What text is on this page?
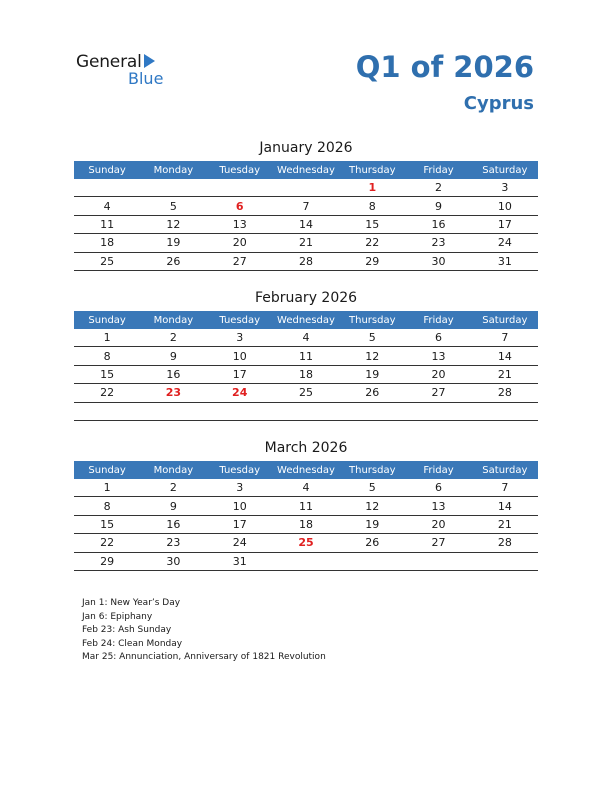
General
Blue	Q1 of 2026
Cyprus
January 2026
Sunday	Monday	Tuesday	Wednesday	Thursday	Friday	Saturday
				1	2	3
4	5	6	7	8	9	10
11	12	13	14	15	16	17
18	19	20	21	22	23	24
25	26	27	28	29	30	31
February 2026
Sunday	Monday	Tuesday	Wednesday	Thursday	Friday	Saturday
1	2	3	4	5	6	7
8	9	10	11	12	13	14
15	16	17	18	19	20	21
22	23	24	25	26	27	28

March 2026
Sunday	Monday	Tuesday	Wednesday	Thursday	Friday	Saturday
1	2	3	4	5	6	7
8	9	10	11	12	13	14
15	16	17	18	19	20	21
22	23	24	25	26	27	28
29	30	31				
Jan 1: New Year’s Day
Jan 6: Epiphany
Feb 23: Ash Sunday
Feb 24: Clean Monday
Mar 25: Annunciation, Anniversary of 1821 Revolution
